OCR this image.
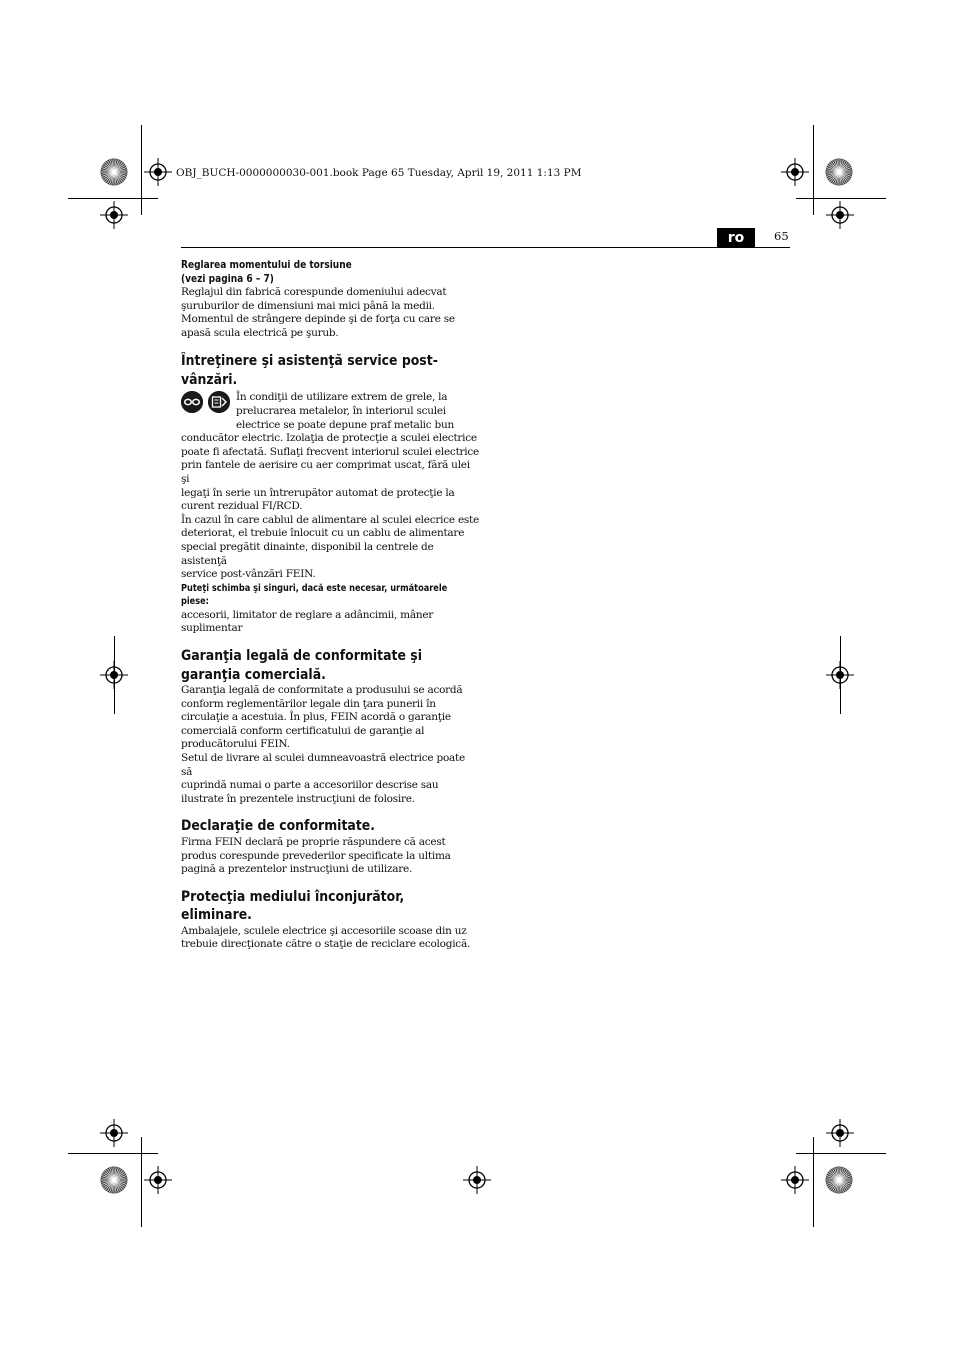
OBJ_BUCH-0000000030-001.book Page 65 Tuesday, April 19, 2011 1:13 PM
ro	65
Reglarea momentului de torsiune
(vezi pagina 6 – 7)

Reglajul din fabrică corespunde domeniului adecvat

şuruburilor de dimensiuni mai mici până la medii.

Momentul de strângere depinde şi de forţa cu care se

apasă scula electrică pe şurub.

Întreţinere şi asistenţă service post-
vânzări.

În condiţii de utilizare extrem de grele, la

prelucrarea metalelor, în interiorul sculei

electrice se poate depune praf metalic bun

conducător electric. Izolaţia de protecţie a sculei electrice

poate fi afectată. Suflaţi frecvent interiorul sculei electrice

prin fantele de aerisire cu aer comprimat uscat, fără ulei şi

legaţi în serie un întrerupător automat de protecţie la

curent rezidual FI/RCD.

În cazul în care cablul de alimentare al sculei elecrice este

deteriorat, el trebuie înlocuit cu un cablu de alimentare

special pregătit dinainte, disponibil la centrele de asistenţă

service post-vânzări FEIN.

Puteţi schimba şi singuri, dacă este necesar, următoarele
piese:

accesorii, limitator de reglare a adâncimii, mâner

suplimentar

Garanţia legală de conformitate şi
garanţia comercială.

Garanţia legală de conformitate a produsului se acordă

conform reglementărilor legale din ţara punerii în

circulaţie a acestuia. În plus, FEIN acordă o garanţie

comercială conform certificatului de garanţie al

producătorului FEIN.

Setul de livrare al sculei dumneavoastră electrice poate să

cuprindă numai o parte a accesoriilor descrise sau

ilustrate în prezentele instrucţiuni de folosire.

Declaraţie de conformitate.

Firma FEIN declară pe proprie răspundere că acest

produs corespunde prevederilor specificate la ultima

pagină a prezentelor instrucţiuni de utilizare.

Protecţia mediului înconjurător,
eliminare.

Ambalajele, sculele electrice şi accesoriile scoase din uz

trebuie direcţionate către o staţie de reciclare ecologică.
